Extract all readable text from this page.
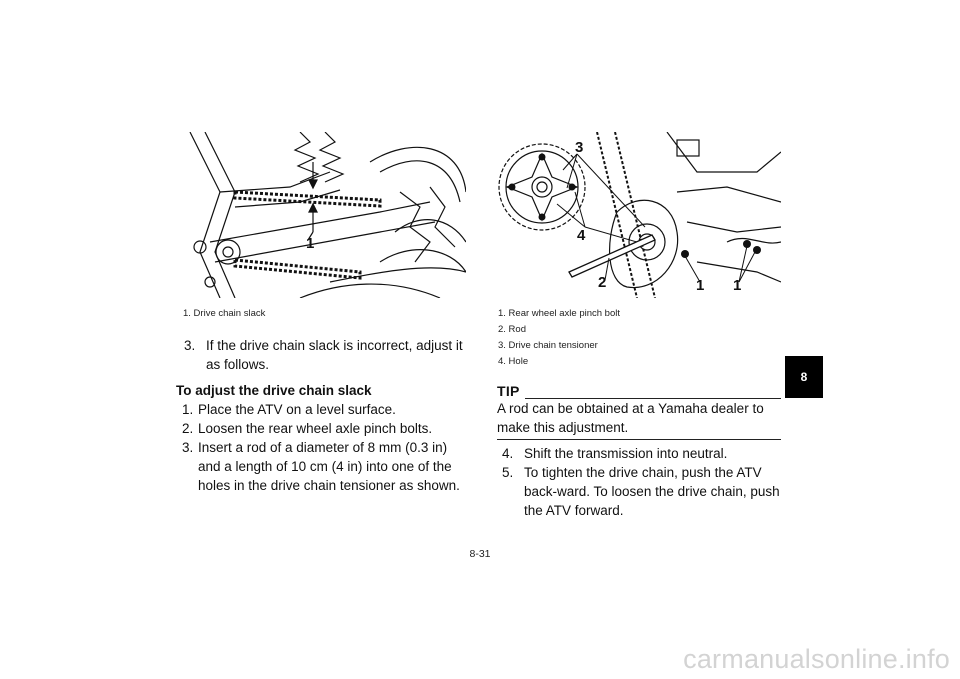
1
1. Drive chain slack
3. If the drive chain slack is incorrect, adjust it as follows.
To adjust the drive chain slack
1. Place the ATV on a level surface.
2. Loosen the rear wheel axle pinch bolts.
3. Insert a rod of a diameter of 8 mm (0.3 in) and a length of 10 cm (4 in) into one of the holes in the drive chain tensioner as shown.
3
4
2	1 1
1. Rear wheel axle pinch bolt
2. Rod
3. Drive chain tensioner
4. Hole
TIP
A rod can be obtained at a Yamaha dealer to make this adjustment.
4. Shift the transmission into neutral.
5. To tighten the drive chain, push the ATV back-ward. To loosen the drive chain, push the ATV forward.
8
8-31
carmanualsonline.info
